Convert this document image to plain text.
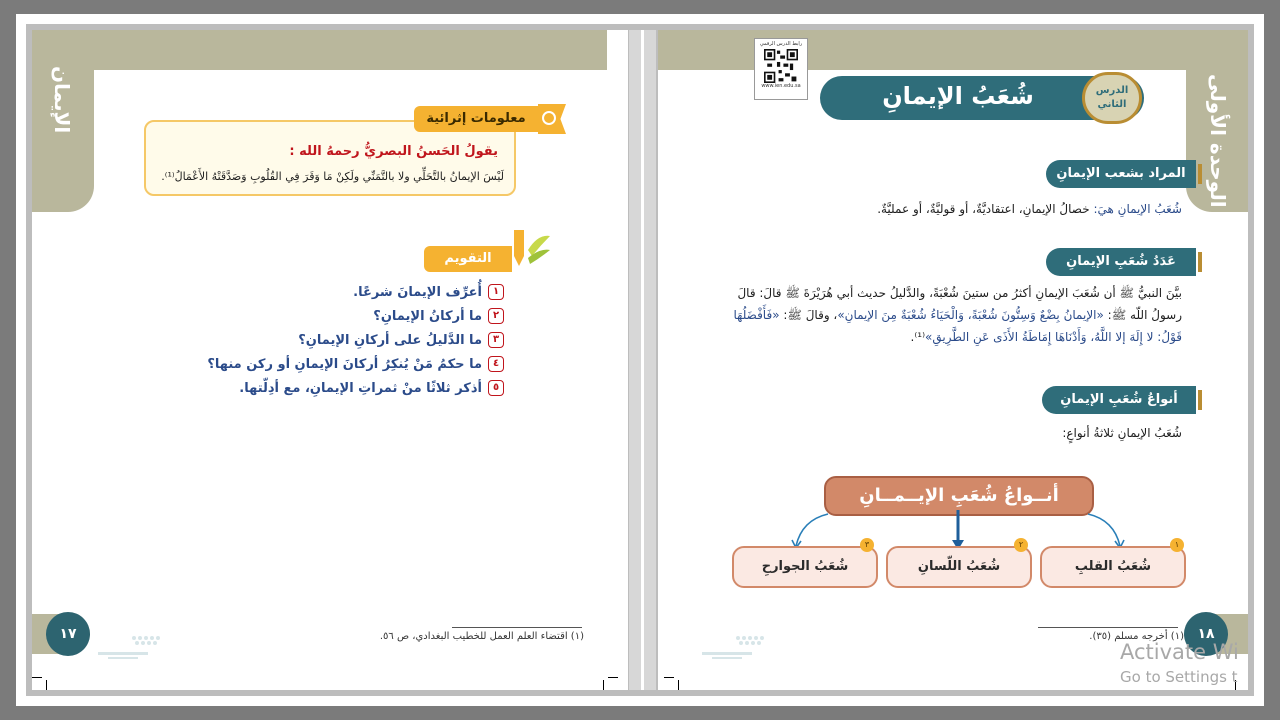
الإيمان
يقولُ الحَسنُ البصريُّ رحمهُ الله :
لَيْسَ الإيمانُ بالتَّحَلِّي ولا بالتَّمَنِّي ولَكِنْ مَا وَقَرَ فِي القُلُوبِ وَصَدَّقَتْهُ الأَعْمَالُ⁽¹⁾.
معلومات إثرائية
التقويم
١
أُعرِّف الإيمانَ شرعًا.
٢
ما أركانُ الإيمانِ؟
٣
ما الدَّليلُ على أركانِ الإيمانِ؟
٤
ما حكمُ مَنْ يُنكِرُ أركانَ الإيمانِ أو ركن منها؟
٥
أذكر ثلاثًا منْ ثمراتِ الإيمانِ، مع أدِلّتها.
١٧	(١) اقتضاء العلم العمل للخطيب البغدادي، ص ٥٦.
الوحدة الأولى
رابط الدرس الرقمي
www.ien.edu.sa	شُعَبُ الإيمانِ	الدرس الثاني
المراد بشعب الإيمانِ
شُعَبُ الإيمانِ هيَ: خصالُ الإيمانِ، اعتقاديَّةٌ، أو قوليَّةٌ، أو عمليَّةٌ.
عَدَدُ شُعَبِ الإيمانِ
بيَّنَ النبيُّ ﷺ أن شُعَبَ الإيمانِ أكثرُ من ستينَ شُعْبَةً، والدَّليلُ حديث أبي هُرَيْرَةَ ﷺ قالَ: قالَ
رسولُ اللّه ﷺ: «الإيمانُ بِضْعٌ وَسِتُّونَ شُعْبَةً، وَالْحَيَاءُ شُعْبَةٌ مِنَ الإيمانِ»، وقالَ ﷺ: «فَأَفْضَلُهَا
قَوْلُ: لا إِلَهَ إلا اللَّهُ، وَأَدْنَاهَا إِمَاطَةُ الأَذَى عَنِ الطَّرِيقِ»⁽¹⁾.
أنواعُ شُعَبِ الإيمانِ
شُعَبُ الإيمانِ ثلاثةُ أنواعٍ:
أنــواعُ شُعَبِ الإيــمــانِ
شُعَبُ القلبِ
١
شُعَبُ اللّسانِ
٢
شُعَبُ الجوارحِ
٣
١٨
(١) أخرجه مسلم (٣٥).
Activate Wi
Go to Settings t
